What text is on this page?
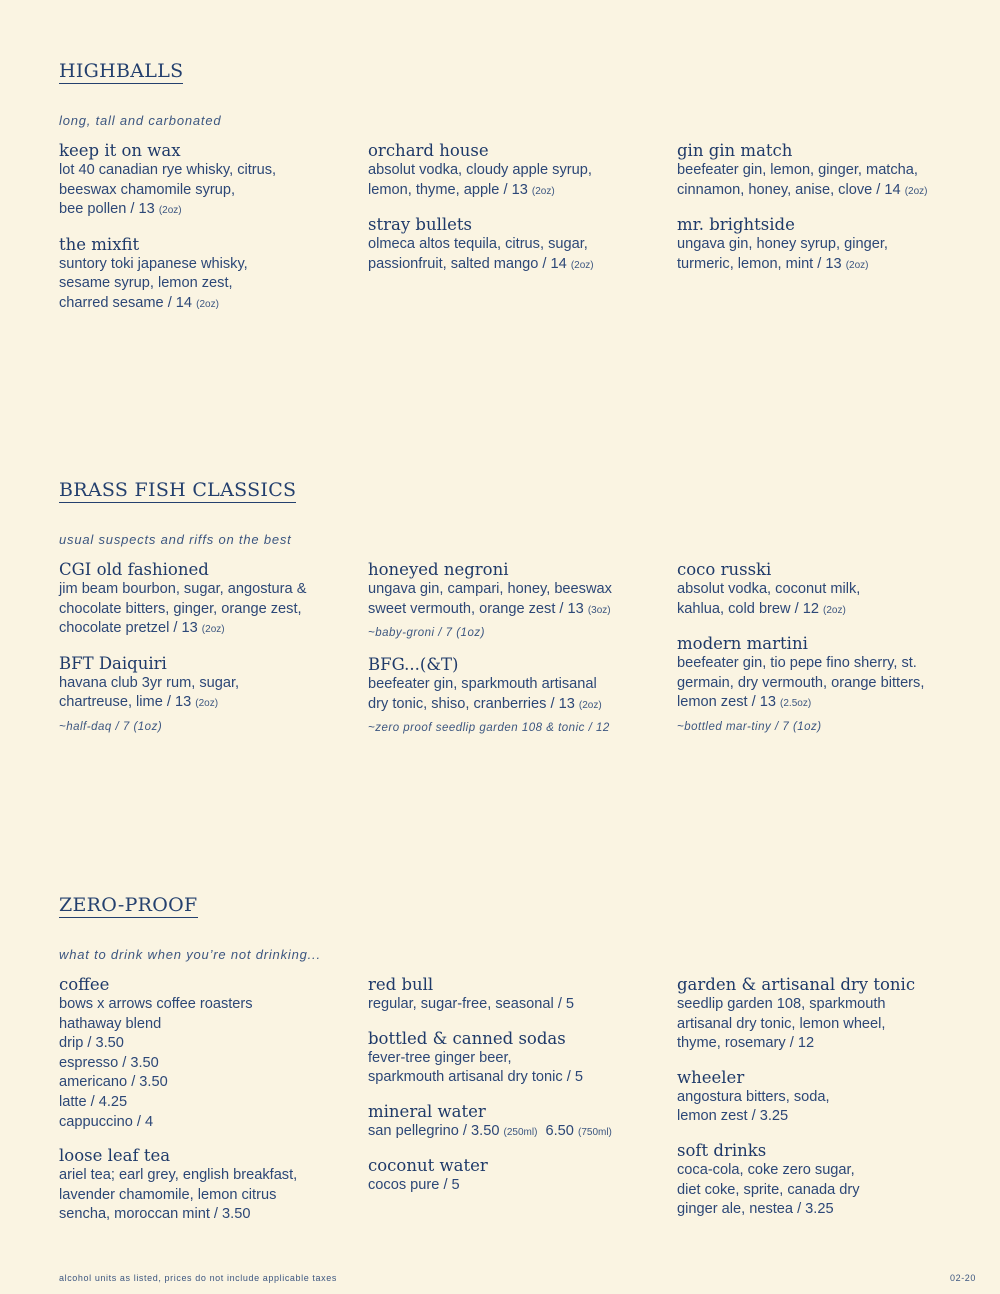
HIGHBALLS
long, tall and carbonated
keep it on wax
lot 40 canadian rye whisky, citrus,
beeswax chamomile syrup,
bee pollen / 13 (2oz)
the mixfit
suntory toki japanese whisky,
sesame syrup, lemon zest,
charred sesame / 14 (2oz)
orchard house
absolut vodka, cloudy apple syrup,
lemon, thyme, apple / 13 (2oz)
stray bullets
olmeca altos tequila, citrus, sugar,
passionfruit, salted mango / 14 (2oz)
gin gin match
beefeater gin, lemon, ginger, matcha,
cinnamon, honey, anise, clove / 14 (2oz)
mr. brightside
ungava gin, honey syrup, ginger,
turmeric, lemon, mint / 13 (2oz)
BRASS FISH CLASSICS
usual suspects and riffs on the best
CGI old fashioned
jim beam bourbon, sugar, angostura &
chocolate bitters, ginger, orange zest,
chocolate pretzel / 13 (2oz)
BFT Daiquiri
havana club 3yr rum, sugar,
chartreuse, lime / 13 (2oz)
~half-daq / 7 (1oz)
honeyed negroni
ungava gin, campari, honey, beeswax
sweet vermouth, orange zest / 13 (3oz)
~baby-groni / 7 (1oz)
BFG...(&T)
beefeater gin, sparkmouth artisanal
dry tonic, shiso, cranberries / 13 (2oz)
~zero proof seedlip garden 108 & tonic / 12
coco russki
absolut vodka, coconut milk,
kahlua, cold brew / 12 (2oz)
modern martini
beefeater gin, tio pepe fino sherry, st.
germain, dry vermouth, orange bitters,
lemon zest / 13 (2.5oz)
~bottled mar-tiny / 7 (1oz)
ZERO-PROOF
what to drink when you’re not drinking...
coffee
bows x arrows coffee roasters
hathaway blend
drip / 3.50
espresso / 3.50
americano / 3.50
latte / 4.25
cappuccino / 4
loose leaf tea
ariel tea; earl grey, english breakfast,
lavender chamomile, lemon citrus
sencha, moroccan mint / 3.50
red bull
regular, sugar-free, seasonal / 5
bottled & canned sodas
fever-tree ginger beer,
sparkmouth artisanal dry tonic / 5
mineral water
san pellegrino / 3.50 (250ml) 6.50 (750ml)
coconut water
cocos pure / 5
garden & artisanal dry tonic
seedlip garden 108, sparkmouth
artisanal dry tonic, lemon wheel,
thyme, rosemary / 12
wheeler
angostura bitters, soda,
lemon zest / 3.25
soft drinks
coca-cola, coke zero sugar,
diet coke, sprite, canada dry
ginger ale, nestea / 3.25
alcohol units as listed, prices do not include applicable taxes	02-20
